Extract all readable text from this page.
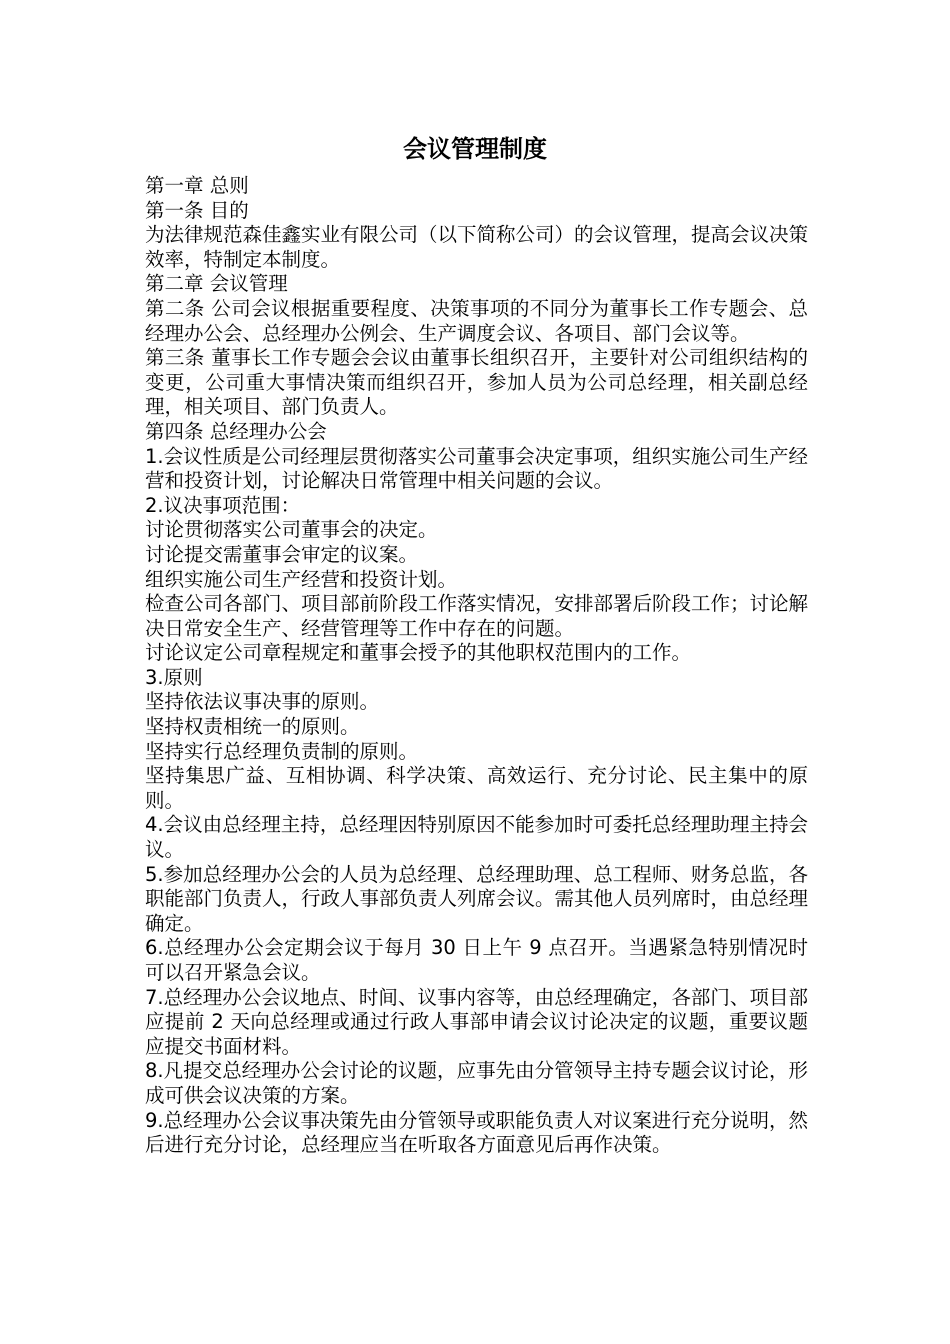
会议管理制度

第一章 总则

第一条 目的

为法律规范森佳鑫实业有限公司（以下简称公司）的会议管理，提高会议决策效率，特制定本制度。

第二章 会议管理

第二条 公司会议根据重要程度、决策事项的不同分为董事长工作专题会、总经理办公会、总经理办公例会、生产调度会议、各项目、部门会议等。

第三条 董事长工作专题会会议由董事长组织召开，主要针对公司组织结构的变更，公司重大事情决策而组织召开，参加人员为公司总经理，相关副总经理，相关项目、部门负责人。

第四条 总经理办公会

1.会议性质是公司经理层贯彻落实公司董事会决定事项，组织实施公司生产经营和投资计划，讨论解决日常管理中相关问题的会议。

2.议决事项范围：

讨论贯彻落实公司董事会的决定。

讨论提交需董事会审定的议案。

组织实施公司生产经营和投资计划。

检查公司各部门、项目部前阶段工作落实情况，安排部署后阶段工作；讨论解决日常安全生产、经营管理等工作中存在的问题。

讨论议定公司章程规定和董事会授予的其他职权范围内的工作。

3.原则

坚持依法议事决事的原则。

坚持权责相统一的原则。

坚持实行总经理负责制的原则。

坚持集思广益、互相协调、科学决策、高效运行、充分讨论、民主集中的原则。

4.会议由总经理主持，总经理因特别原因不能参加时可委托总经理助理主持会议。

5.参加总经理办公会的人员为总经理、总经理助理、总工程师、财务总监，各职能部门负责人，行政人事部负责人列席会议。需其他人员列席时，由总经理确定。

6.总经理办公会定期会议于每月 30 日上午 9 点召开。当遇紧急特别情况时可以召开紧急会议。

7.总经理办公会议地点、时间、议事内容等，由总经理确定，各部门、项目部应提前 2 天向总经理或通过行政人事部申请会议讨论决定的议题，重要议题应提交书面材料。

8.凡提交总经理办公会讨论的议题，应事先由分管领导主持专题会议讨论，形成可供会议决策的方案。

9.总经理办公会议事决策先由分管领导或职能负责人对议案进行充分说明，然后进行充分讨论，总经理应当在听取各方面意见后再作决策。
